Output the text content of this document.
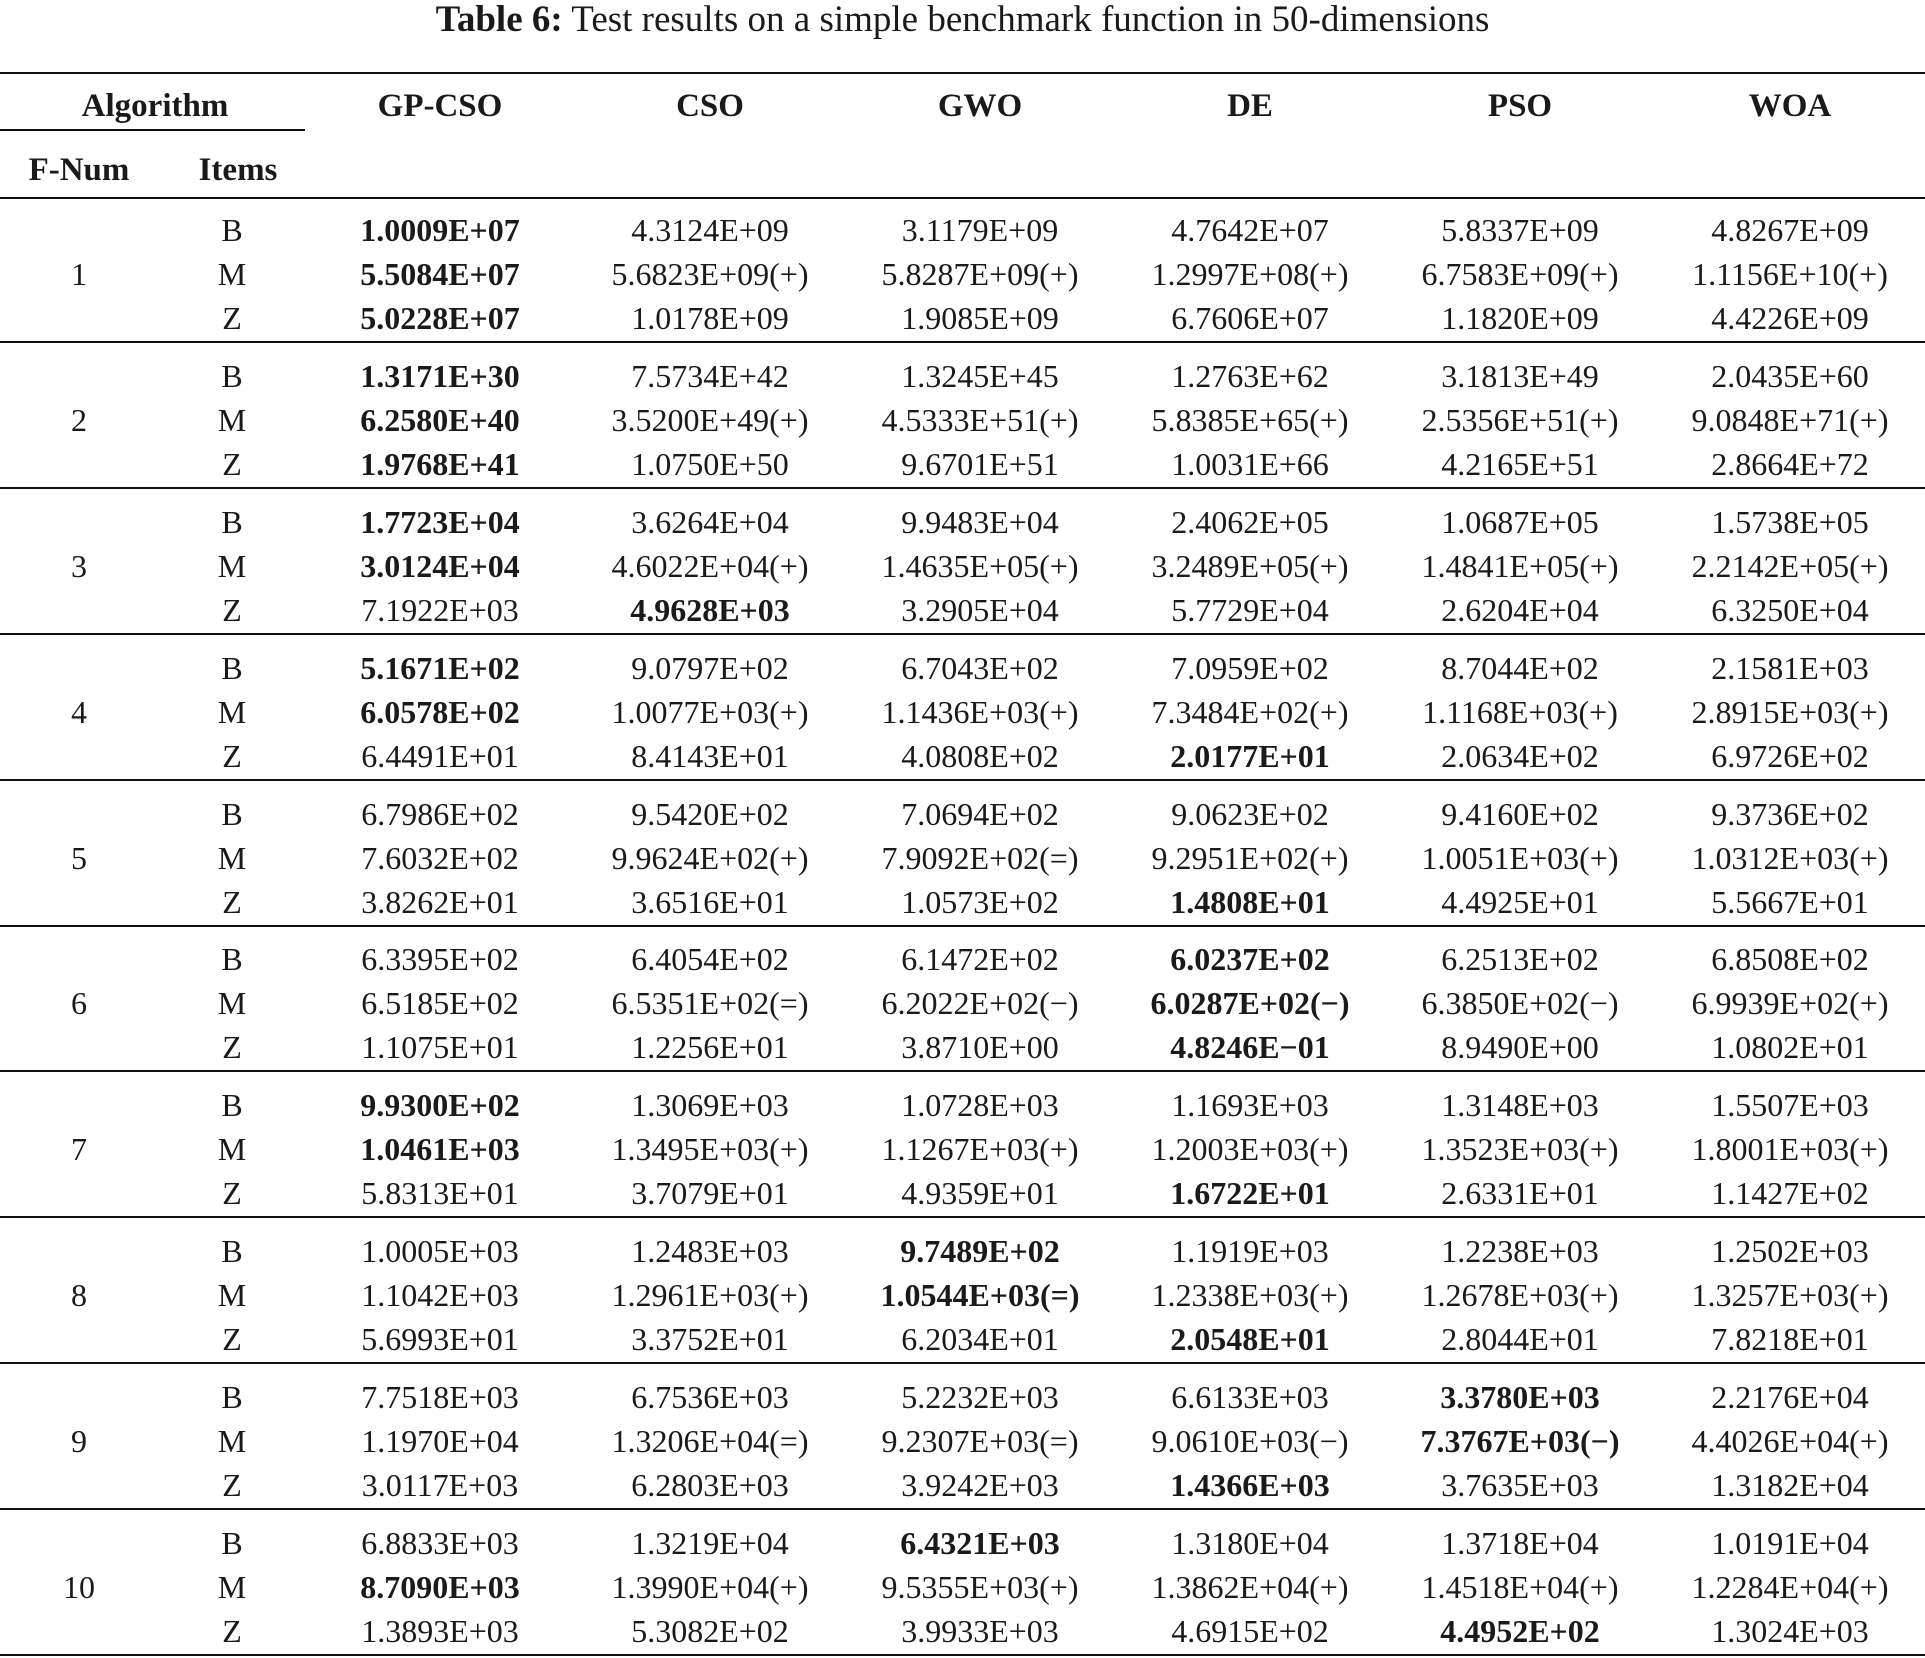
Table 6: Test results on a simple benchmark function in 50-dimensions
Algorithm
F-Num	Items
GP-CSO	CSO	GWO	DE	PSO	WOA
1
B	1.0009E+07	4.3124E+09	3.1179E+09	4.7642E+07	5.8337E+09	4.8267E+09
M	5.5084E+07	5.6823E+09(+)	5.8287E+09(+)	1.2997E+08(+)	6.7583E+09(+)	1.1156E+10(+)
Z	5.0228E+07	1.0178E+09	1.9085E+09	6.7606E+07	1.1820E+09	4.4226E+09
2
B	1.3171E+30	7.5734E+42	1.3245E+45	1.2763E+62	3.1813E+49	2.0435E+60
M	6.2580E+40	3.5200E+49(+)	4.5333E+51(+)	5.8385E+65(+)	2.5356E+51(+)	9.0848E+71(+)
Z	1.9768E+41	1.0750E+50	9.6701E+51	1.0031E+66	4.2165E+51	2.8664E+72
3
B	1.7723E+04	3.6264E+04	9.9483E+04	2.4062E+05	1.0687E+05	1.5738E+05
M	3.0124E+04	4.6022E+04(+)	1.4635E+05(+)	3.2489E+05(+)	1.4841E+05(+)	2.2142E+05(+)
Z	7.1922E+03	4.9628E+03	3.2905E+04	5.7729E+04	2.6204E+04	6.3250E+04
4
B	5.1671E+02	9.0797E+02	6.7043E+02	7.0959E+02	8.7044E+02	2.1581E+03
M	6.0578E+02	1.0077E+03(+)	1.1436E+03(+)	7.3484E+02(+)	1.1168E+03(+)	2.8915E+03(+)
Z	6.4491E+01	8.4143E+01	4.0808E+02	2.0177E+01	2.0634E+02	6.9726E+02
5
B	6.7986E+02	9.5420E+02	7.0694E+02	9.0623E+02	9.4160E+02	9.3736E+02
M	7.6032E+02	9.9624E+02(+)	7.9092E+02(=)	9.2951E+02(+)	1.0051E+03(+)	1.0312E+03(+)
Z	3.8262E+01	3.6516E+01	1.0573E+02	1.4808E+01	4.4925E+01	5.5667E+01
6
B	6.3395E+02	6.4054E+02	6.1472E+02	6.0237E+02	6.2513E+02	6.8508E+02
M	6.5185E+02	6.5351E+02(=)	6.2022E+02(−)	6.0287E+02(−)	6.3850E+02(−)	6.9939E+02(+)
Z	1.1075E+01	1.2256E+01	3.8710E+00	4.8246E−01	8.9490E+00	1.0802E+01
7
B	9.9300E+02	1.3069E+03	1.0728E+03	1.1693E+03	1.3148E+03	1.5507E+03
M	1.0461E+03	1.3495E+03(+)	1.1267E+03(+)	1.2003E+03(+)	1.3523E+03(+)	1.8001E+03(+)
Z	5.8313E+01	3.7079E+01	4.9359E+01	1.6722E+01	2.6331E+01	1.1427E+02
8
B	1.0005E+03	1.2483E+03	9.7489E+02	1.1919E+03	1.2238E+03	1.2502E+03
M	1.1042E+03	1.2961E+03(+)	1.0544E+03(=)	1.2338E+03(+)	1.2678E+03(+)	1.3257E+03(+)
Z	5.6993E+01	3.3752E+01	6.2034E+01	2.0548E+01	2.8044E+01	7.8218E+01
9
B	7.7518E+03	6.7536E+03	5.2232E+03	6.6133E+03	3.3780E+03	2.2176E+04
M	1.1970E+04	1.3206E+04(=)	9.2307E+03(=)	9.0610E+03(−)	7.3767E+03(−)	4.4026E+04(+)
Z	3.0117E+03	6.2803E+03	3.9242E+03	1.4366E+03	3.7635E+03	1.3182E+04
10
B	6.8833E+03	1.3219E+04	6.4321E+03	1.3180E+04	1.3718E+04	1.0191E+04
M	8.7090E+03	1.3990E+04(+)	9.5355E+03(+)	1.3862E+04(+)	1.4518E+04(+)	1.2284E+04(+)
Z	1.3893E+03	5.3082E+02	3.9933E+03	4.6915E+02	4.4952E+02	1.3024E+03
